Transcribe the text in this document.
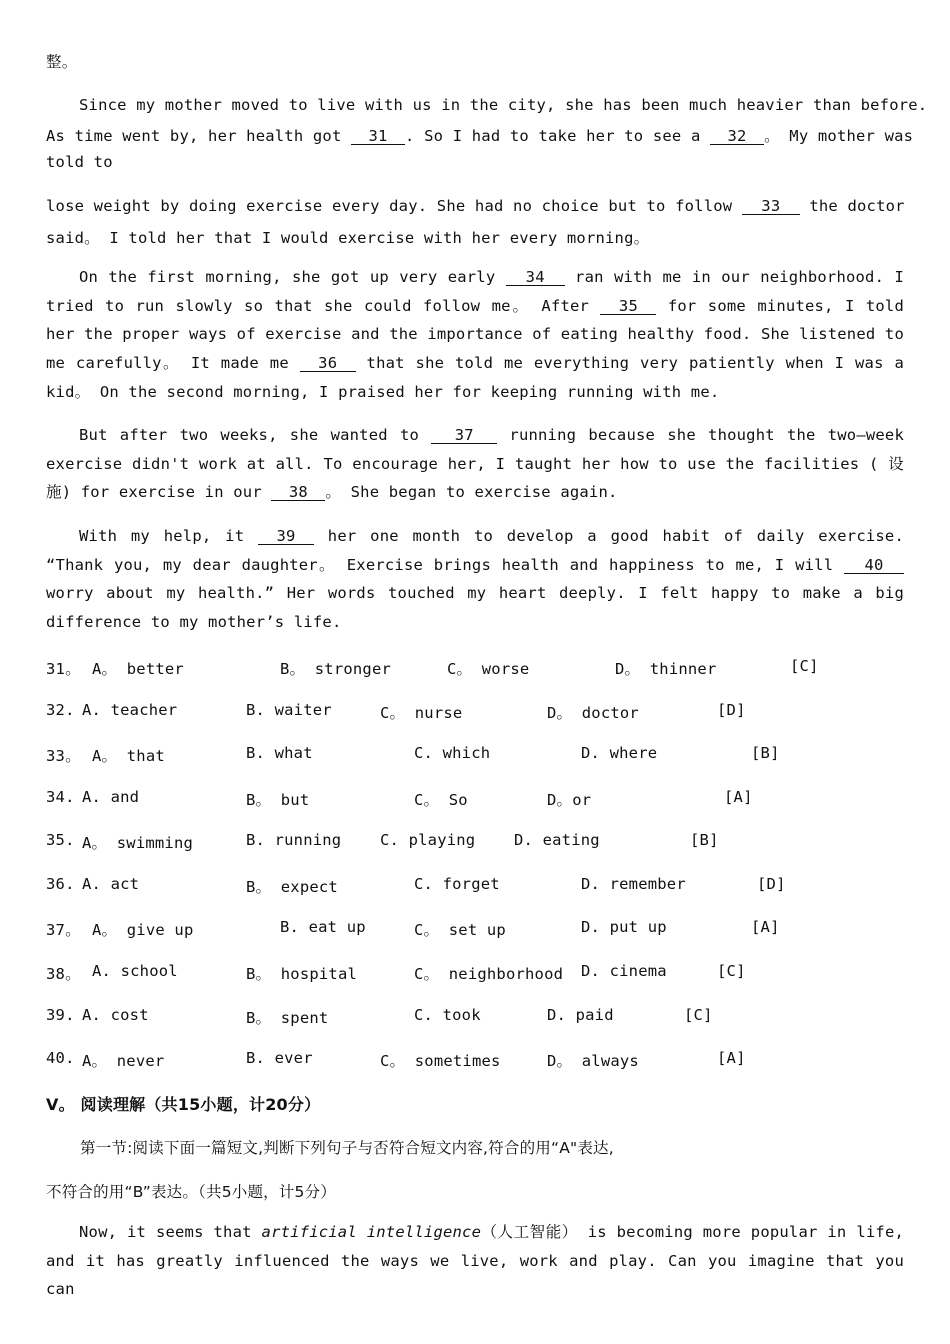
整。
Since my mother moved to live with us in the city, she has been much heavier than before.
As time went by, her health got 31 . So I had to take her to see a 32 。 My mother was
told to
lose weight by doing exercise every day. She had no choice but to follow 33 the doctor
said。 I told her that I would exercise with her every morning。
On the first morning, she got up very early 34 ran with me in our neighborhood. I tried to run slowly so that she could follow me。 After 35 for some minutes, I told her the proper ways of exercise and the importance of eating healthy food. She listened to me carefully。 It made me 36 that she told me everything very patiently when I was a kid。 On the second morning, I praised her for keeping running with me.
But after two weeks, she wanted to 37 running because she thought the two—week exercise didn't work at all. To encourage her, I taught her how to use the facilities ( 设施) for exercise in our 38 。 She began to exercise again.
With my help, it 39 her one month to develop a good habit of daily exercise. “Thank you, my dear daughter。 Exercise brings health and happiness to me, I will 40 worry about my health.” Her words touched my heart deeply. I felt happy to make a big difference to my mother’s life.
31。 A。 better	B。 stronger	C。 worse	D。 thinner	[C]
32. A. teacher	B. waiter	C。 nurse	D。 doctor	[D]
33。 A。 that	B. what	C. which	D. where	[B]
34. A. and	B。 but	C。 So	D。or	[A]
35. A。 swimming	B. running C. playing D. eating	[B]
36. A. act	B。 expect	C. forget	D. remember	[D]
37。 A。 give up	B. eat up	C。 set up	D. put up	[A]
38。 A. school	B。 hospital	C。 neighborhood D. cinema	[C]
39. A. cost	B。 spent	C. took	D. paid	[C]
40. A。 never	B. ever	C。 sometimes	D。 always	[A]
V。 阅读理解（共15小题，计20分）
第一节:阅读下面一篇短文,判断下列句子与否符合短文内容,符合的用“A"表达,
不符合的用“B”表达。（共5小题，计5分）
Now, it seems that artificial intelligence（人工智能） is becoming more popular in life, and it has greatly influenced the ways we live, work and play. Can you imagine that you can
